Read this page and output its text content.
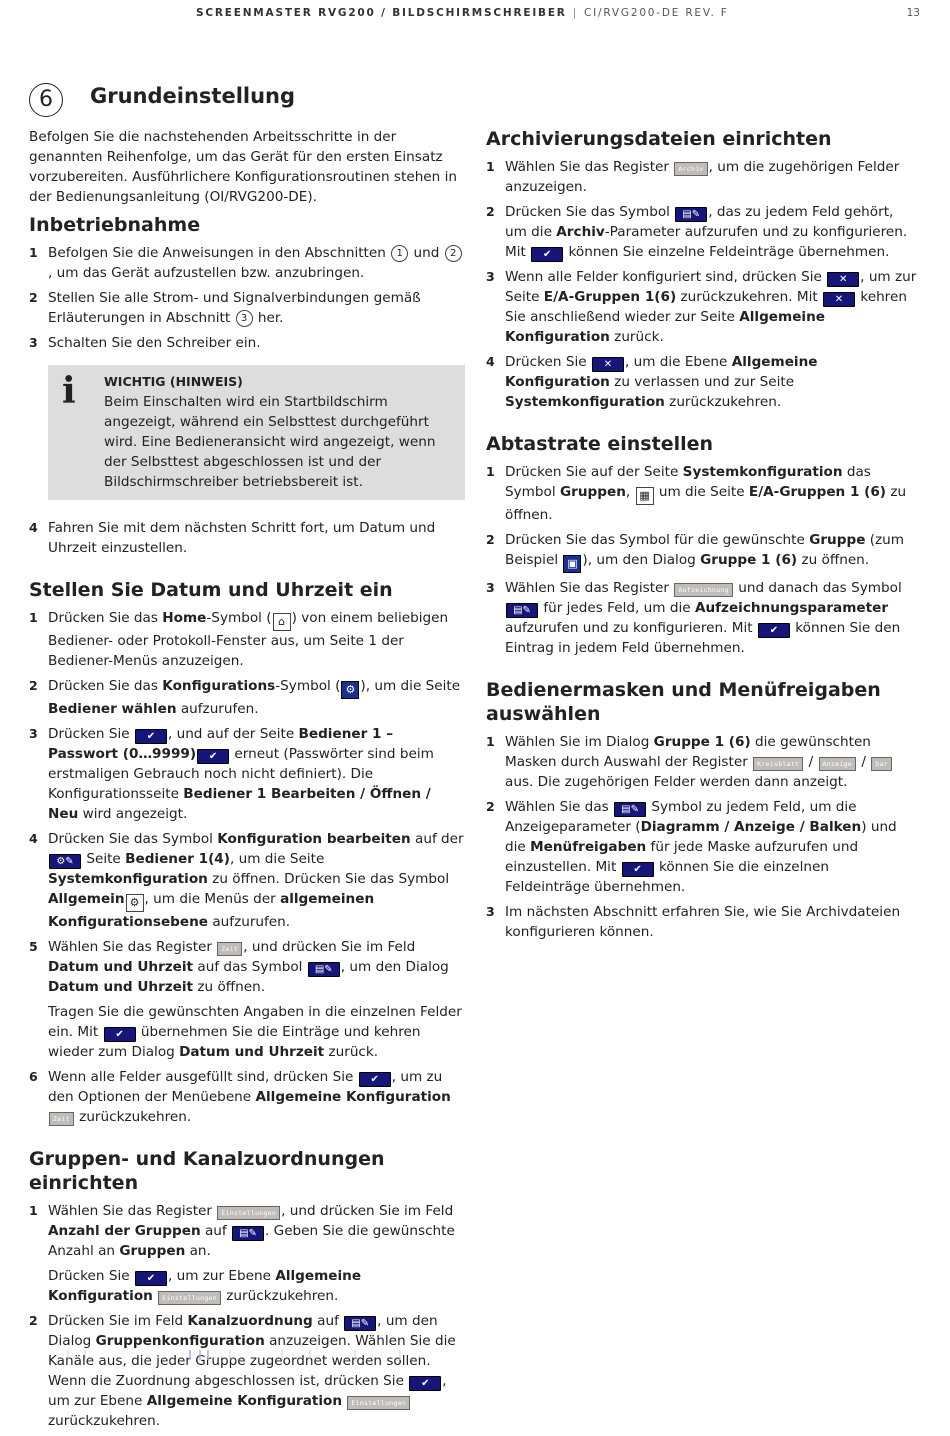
SCREENMASTER RVG200 / BILDSCHIRMSCHREIBER | CI/RVG200-DE REV. F	13
6	Grundeinstellung

Befolgen Sie die nachstehenden Arbeitsschritte in der genannten Reihenfolge, um das Gerät für den ersten Einsatz vorzubereiten. Ausführlichere Konfigurationsroutinen stehen in der Bedienungsanleitung (OI/RVG200-DE).

Inbetriebnahme
1 Befolgen Sie die Anweisungen in den Abschnitten 1 und 2, um das Gerät aufzustellen bzw. anzubringen.
2 Stellen Sie alle Strom- und Signalverbindungen gemäß Erläuterungen in Abschnitt 3 her.
3 Schalten Sie den Schreiber ein.
i WICHTIG (HINWEIS)
Beim Einschalten wird ein Startbildschirm angezeigt, während ein Selbsttest durchgeführt wird. Eine Bedieneransicht wird angezeigt, wenn der Selbsttest abgeschlossen ist und der Bildschirmschreiber betriebsbereit ist.
4 Fahren Sie mit dem nächsten Schritt fort, um Datum und Uhrzeit einzustellen.
Stellen Sie Datum und Uhrzeit ein
1 Drücken Sie das Home-Symbol ( ⌂ ) von einem beliebigen Bediener- oder Protokoll-Fenster aus, um Seite 1 der Bediener-Menüs anzuzeigen.
2 Drücken Sie das Konfigurations-Symbol ( ⚙ ), um die Seite Bediener wählen aufzurufen.
3 Drücken Sie ✔ , und auf der Seite Bediener 1 – Passwort (0…9999) ✔ erneut (Passwörter sind beim erstmaligen Gebrauch noch nicht definiert). Die Konfigurationsseite Bediener 1 Bearbeiten / Öffnen / Neu wird angezeigt.
4 Drücken Sie das Symbol Konfiguration bearbeiten auf der ⚙✎ Seite Bediener 1(4), um die Seite Systemkonfiguration zu öffnen. Drücken Sie das Symbol Allgemein ⚙ , um die Menüs der allgemeinen Konfigurationsebene aufzurufen.
5 Wählen Sie das Register Zeit , und drücken Sie im Feld Datum und Uhrzeit auf das Symbol ▤✎ , um den Dialog Datum und Uhrzeit zu öffnen.
Tragen Sie die gewünschten Angaben in die einzelnen Felder ein. Mit ✔ übernehmen Sie die Einträge und kehren wieder zum Dialog Datum und Uhrzeit zurück.
6 Wenn alle Felder ausgefüllt sind, drücken Sie ✔ , um zu den Optionen der Menüebene Allgemeine Konfiguration Zeit zurückzukehren.
Gruppen- und Kanalzuordnungen einrichten
1 Wählen Sie das Register Einstellungen , und drücken Sie im Feld Anzahl der Gruppen auf ▤✎ . Geben Sie die gewünschte Anzahl an Gruppen an.
Drücken Sie ✔ , um zur Ebene Allgemeine Konfiguration Einstellungen zurückzukehren.
2 Drücken Sie im Feld Kanalzuordnung auf ▤✎ , um den Dialog Gruppenkonfiguration anzuzeigen. Wählen Sie die Kanäle aus, die jeder Gruppe zugeordnet werden sollen. Wenn die Zuordnung abgeschlossen ist, drücken Sie ✔ , um zur Ebene Allgemeine Konfiguration Einstellungen zurückzukehren.
Archivierungsdateien einrichten
1 Wählen Sie das Register Archiv , um die zugehörigen Felder anzuzeigen.
2 Drücken Sie das Symbol ▤✎ , das zu jedem Feld gehört, um die Archiv-Parameter aufzurufen und zu konfigurieren. Mit ✔ können Sie einzelne Feldeinträge übernehmen.
3 Wenn alle Felder konfiguriert sind, drücken Sie ✕ , um zur Seite E/A-Gruppen 1(6) zurückzukehren. Mit ✕ kehren Sie anschließend wieder zur Seite Allgemeine Konfiguration zurück.
4 Drücken Sie ✕ , um die Ebene Allgemeine Konfiguration zu verlassen und zur Seite Systemkonfiguration zurückzukehren.
Abtastrate einstellen
1 Drücken Sie auf der Seite Systemkonfiguration das Symbol Gruppen, ▦ um die Seite E/A-Gruppen 1 (6) zu öffnen.
2 Drücken Sie das Symbol für die gewünschte Gruppe (zum Beispiel ▣ ), um den Dialog Gruppe 1 (6) zu öffnen.
3 Wählen Sie das Register Aufzeichnung und danach das Symbol ▤✎ für jedes Feld, um die Aufzeichnungsparameter aufzurufen und zu konfigurieren. Mit ✔ können Sie den Eintrag in jedem Feld übernehmen.
Bedienermasken und Menüfreigaben auswählen
1 Wählen Sie im Dialog Gruppe 1 (6) die gewünschten Masken durch Auswahl der Register Kreisblatt / Anzeige / bar aus. Die zugehörigen Felder werden dann anzeigt.
2 Wählen Sie das ▤✎ Symbol zu jedem Feld, um die Anzeigeparameter (Diagramm / Anzeige / Balken) und die Menüfreigaben für jede Maske aufzurufen und einzustellen. Mit ✔ können Sie die einzelnen Feldeinträge übernehmen.
3 Im nächsten Abschnitt erfahren Sie, wie Sie Archivdateien konfigurieren können.
